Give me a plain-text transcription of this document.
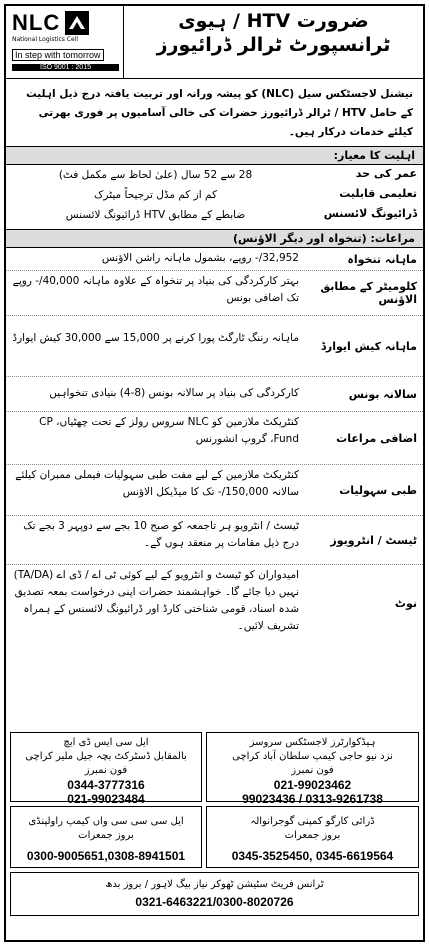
NLC
National Logistics Cell
In step with tomorrow
ISO 9001 : 2015
ضرورت HTV / ہیوی
ٹرانسپورٹ ٹرالر ڈرائیورز
نیشنل لاجسٹکس سیل (NLC) کو پیشہ ورانہ اور تربیت یافتہ درج ذیل اہلیت کے حامل HTV / ٹرالر ڈرائیورز حضرات کی خالی آسامیوں پر فوری بھرتی کیلئے خدمات درکار ہیں۔
اہلیت کا معیار:
عمر کی حد
28 سے 52 سال (علیٰ لحاظ سے مکمل فٹ)
تعلیمی قابلیت
کم از کم مڈل ترجیحاً میٹرک
ڈرائیونگ لائسنس
ضابطے کے مطابق HTV ڈرائیونگ لائسنس
مراعات: (تنخواہ اور دیگر الاؤنس)
ماہانہ تنخواہ
32,952/- روپے، بشمول ماہانہ راشن الاؤنس
کلومیٹر کے مطابق الاؤنس
بہتر کارکردگی کی بنیاد پر تنخواہ کے علاوہ ماہانہ 40,000/- روپے تک اضافی بونس
ماہانہ کیش ایوارڈ
ماہانہ رننگ ٹارگٹ پورا کرنے پر 15,000 سے 30,000 کیش ایوارڈ
سالانہ بونس
کارکردگی کی بنیاد پر سالانہ بونس (8-4) بنیادی تنخواہیں
اضافی مراعات
کنٹریکٹ ملازمین کو NLC سروس رولز کے تحت چھٹیاں، CP Fund، گروپ انشورنس
طبی سہولیات
کنٹریکٹ ملازمین کے لیے مفت طبی سہولیات فیملی ممبران کیلئے سالانہ 150,000/- تک کا میڈیکل الاؤنس
ٹیسٹ / انٹرویوز
ٹیسٹ / انٹرویو ہر تاجمعہ کو صبح 10 بجے سے دوپہر 3 بجے تک درج ذیل مقامات پر منعقد ہوں گے۔
نوٹ
امیدواران کو ٹیسٹ و انٹرویو کے لیے کوئی ٹی اے / ڈی اے (TA/DA) نہیں دیا جائے گا۔ خواہشمند حضرات اپنی درخواست بمعہ تصدیق شدہ اسناد، قومی شناختی کارڈ اور ڈرائیونگ لائسنس کے ہمراہ تشریف لائیں۔
ایل سی ایس ڈی ایچ
بالمقابل ڈسٹرکٹ بچہ جیل ملیر کراچی
فون نمبرز
0344-3777316
021-99023484
ہیڈکوارٹرز لاجسٹکس سروسز
نزد نیو حاجی کیمپ سلطان آباد کراچی
فون نمبرز
021-99023462
99023436 / 0313-9261738
ایل سی سی سی واں کیمپ راولپنڈی
بروز جمعرات
0300-9005651,0308-8941501
ڈرائی کارگو کمپنی گوجرانوالہ
بروز جمعرات
0345-3525450, 0345-6619564
ٹرانس فریٹ سٹیشن ٹھوکر نیاز بیگ لاہور / بروز بدھ
0321-6463221/0300-8020726
